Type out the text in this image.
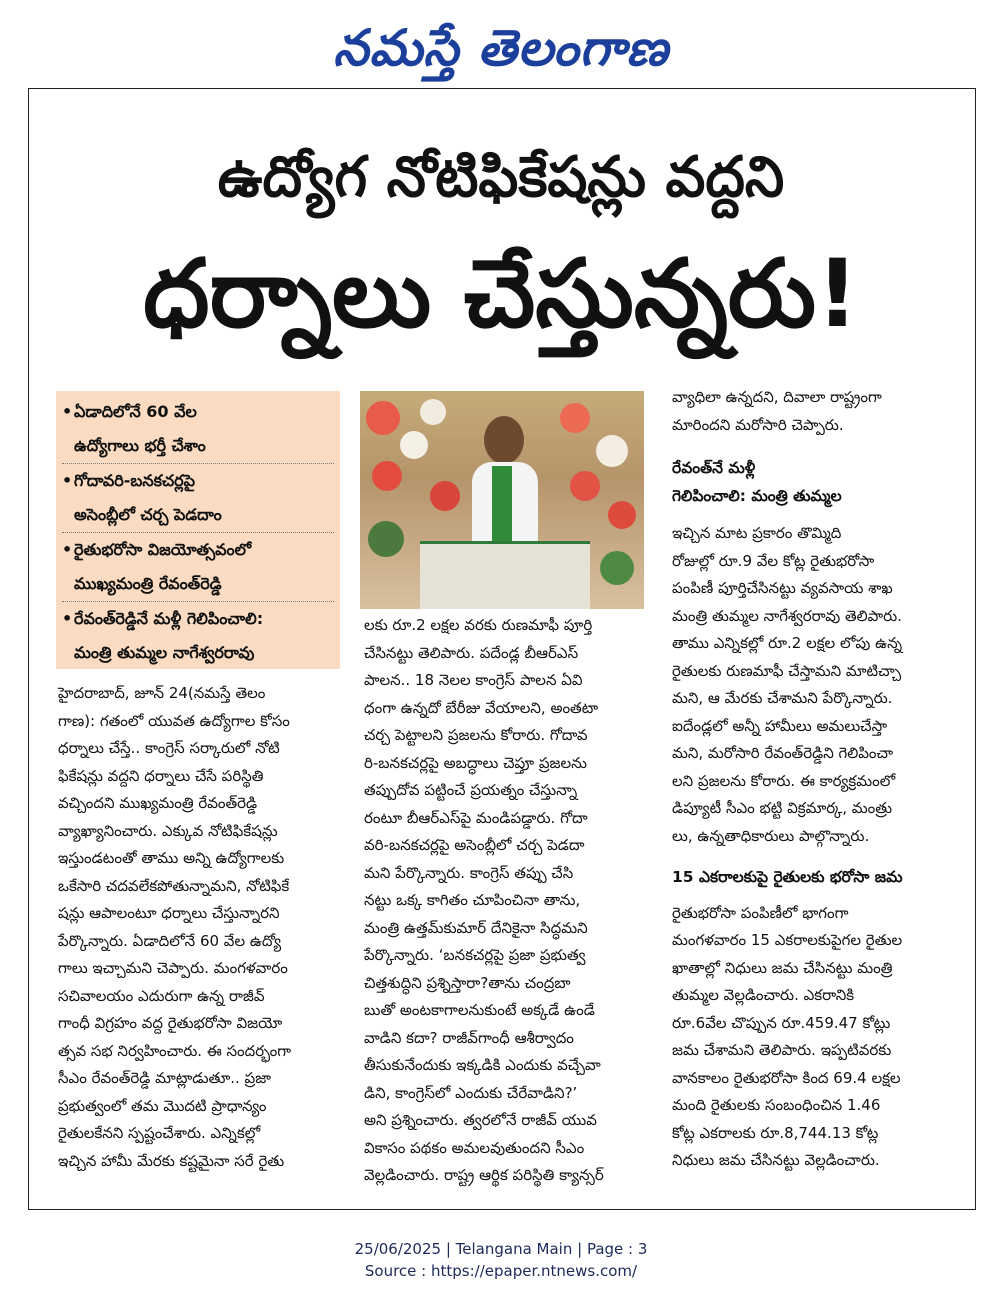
నమస్తే తెలంగాణ
ఉద్యోగ నోటిఫికేషన్లు వద్దని
ధర్నాలు చేస్తున్నరు!
• ఏడాదిలోనే 60 వేల
ఉద్యోగాలు భర్తీ చేశాం
• గోదావరి-బనకచర్లపై
అసెంబ్లీలో చర్చ పెడదాం
• రైతుభరోసా విజయోత్సవంలో
ముఖ్యమంత్రి రేవంత్‌రెడ్డి
• రేవంత్‌రెడ్డినే మళ్లీ గెలిపించాలి:
మంత్రి తుమ్మల నాగేశ్వరరావు
హైదరాబాద్, జూన్ 24(నమస్తే తెలం
గాణ): గతంలో యువత ఉద్యోగాల కోసం
ధర్నాలు చేస్తే.. కాంగ్రెస్ సర్కారులో నోటి
ఫికేషన్లు వద్దని ధర్నాలు చేసే పరిస్థితి
వచ్చిందని ముఖ్యమంత్రి రేవంత్‌రెడ్డి
వ్యాఖ్యానించారు. ఎక్కువ నోటిఫికేషన్లు
ఇస్తుండటంతో తాము అన్ని ఉద్యోగాలకు
ఒకేసారి చదవలేకపోతున్నామని, నోటిఫికే
షన్లు ఆపాలంటూ ధర్నాలు చేస్తున్నారని
పేర్కొన్నారు. ఏడాదిలోనే 60 వేల ఉద్యో
గాలు ఇచ్చామని చెప్పారు. మంగళవారం
సచివాలయం ఎదురుగా ఉన్న రాజీవ్
గాంధీ విగ్రహం వద్ద రైతుభరోసా విజయో
త్సవ సభ నిర్వహించారు. ఈ సందర్భంగా
సీఎం రేవంత్‌రెడ్డి మాట్లాడుతూ.. ప్రజా
ప్రభుత్వంలో తమ మొదటి ప్రాధాన్యం
రైతులకేనని స్పష్టంచేశారు. ఎన్నికల్లో
ఇచ్చిన హామీ మేరకు కష్టమైనా సరే రైతు
లకు రూ.2 లక్షల వరకు రుణమాఫీ పూర్తి
చేసినట్టు తెలిపారు. పదేండ్ల బీఆర్‌ఎస్
పాలన.. 18 నెలల కాంగ్రెస్ పాలన ఏవి
ధంగా ఉన్నదో బేరీజు వేయాలని, అంతటా
చర్చ పెట్టాలని ప్రజలను కోరారు. గోదావ
రి-బనకచర్లపై అబద్ధాలు చెప్తూ ప్రజలను
తప్పుదోవ పట్టించే ప్రయత్నం చేస్తున్నా
రంటూ బీఆర్‌ఎస్‌పై మండిపడ్డారు. గోదా
వరి-బనకచర్లపై అసెంబ్లీలో చర్చ పెడదా
మని పేర్కొన్నారు. కాంగ్రెస్ తప్పు చేసి
నట్టు ఒక్క కాగితం చూపించినా తాను,
మంత్రి ఉత్తమ్‌కుమార్ దేనికైనా సిద్ధమని
పేర్కొన్నారు. ‘బనకచర్లపై ప్రజా ప్రభుత్వ
చిత్తశుద్ధిని ప్రశ్నిస్తారా?తాను చంద్రబా
బుతో అంటకాగాలనుకుంటే అక్కడే ఉండే
వాడిని కదా? రాజీవ్‌గాంధీ ఆశీర్వాదం
తీసుకునేందుకు ఇక్కడికి ఎందుకు వచ్చేవా
డిని, కాంగ్రెస్‌లో ఎందుకు చేరేవాడిని?’
అని ప్రశ్నించారు. త్వరలోనే రాజీవ్ యువ
వికాసం పథకం అమలవుతుందని సీఎం
వెల్లడించారు. రాష్ట్ర ఆర్థిక పరిస్థితి క్యాన్సర్
వ్యాధిలా ఉన్నదని, దివాలా రాష్ట్రంగా
మారిందని మరోసారి చెప్పారు.
రేవంత్‌నే మళ్లీ
గెలిపించాలి: మంత్రి తుమ్మల
ఇచ్చిన మాట ప్రకారం తొమ్మిది
రోజుల్లో రూ.9 వేల కోట్ల రైతుభరోసా
పంపిణీ పూర్తిచేసినట్టు వ్యవసాయ శాఖ
మంత్రి తుమ్మల నాగేశ్వరరావు తెలిపారు.
తాము ఎన్నికల్లో రూ.2 లక్షల లోపు ఉన్న
రైతులకు రుణమాఫీ చేస్తామని మాటిచ్చా
మని, ఆ మేరకు చేశామని పేర్కొన్నారు.
ఐదేండ్లలో అన్నీ హామీలు అమలుచేస్తా
మని, మరోసారి రేవంత్‌రెడ్డిని గెలిపించా
లని ప్రజలను కోరారు. ఈ కార్యక్రమంలో
డిప్యూటీ సీఎం భట్టి విక్రమార్క, మంత్రు
లు, ఉన్నతాధికారులు పాల్గొన్నారు.
15 ఎకరాలకుపై రైతులకు భరోసా జమ
రైతుభరోసా పంపిణీలో భాగంగా
మంగళవారం 15 ఎకరాలకుపైగల రైతుల
ఖాతాల్లో నిధులు జమ చేసినట్టు మంత్రి
తుమ్మల వెల్లడించారు. ఎకరానికి
రూ.6వేల చొప్పున రూ.459.47 కోట్లు
జమ చేశామని తెలిపారు. ఇప్పటివరకు
వానకాలం రైతుభరోసా కింద 69.4 లక్షల
మంది రైతులకు సంబంధించిన 1.46
కోట్ల ఎకరాలకు రూ.8,744.13 కోట్ల
నిధులు జమ చేసినట్టు వెల్లడించారు.
25/06/2025 | Telangana Main | Page : 3
Source : https://epaper.ntnews.com/
